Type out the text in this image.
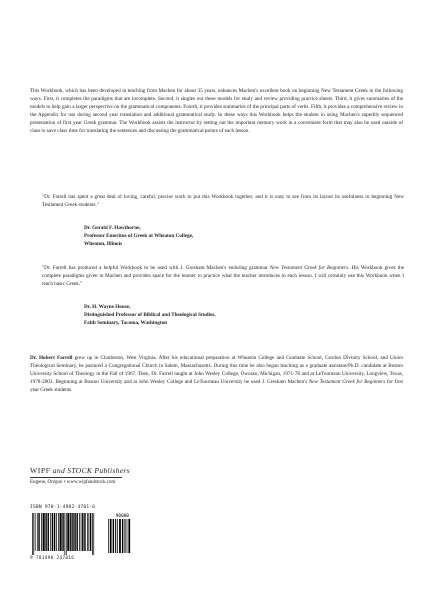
This Workbook, which has been developed in teaching from Machen for about 35 years, enhances Machen's excellent book on beginning New Testament Greek in the following ways. First, it completes the paradigms that are incomplete. Second, it singles out these models for study and review providing practice sheets. Third, it gives summaries of the models to help gain a larger perspective on the grammatical components. Fourth, it provides summaries of the principal parts of verbs. Fifth, it provides a comprehensive review in the Appendix for use during second year translation and additional grammatical study. In these ways this Workbook helps the student in using Machen's superbly sequenced presentation of first year Greek grammar. The Workbook assists the instructor by setting out the important memory work in a convenient form that may also be used outside of class to save class time for translating the sentences and discussing the grammatical points of each lesson.

"Dr. Farrell has spent a great deal of loving, careful, precise work to put this Workbook together, and it is easy to see from its layout its usefulness to beginning New Testament Greek students."

Dr. Gerald F. Hawthorne,
Professor Emeritus of Greek at Wheaton College,
Wheaton, Illinois

"Dr. Farrell has produced a helpful Workbook to be used with J. Gresham Machen's enduring grammar New Testament Greek for Beginners. His Workbook gives the complete paradigms given in Machen and provides space for the learner to practice what the teacher introduces in each lesson. I will certainly use this Workbook when I teach basic Greek."

Dr. H. Wayne House,
Distinguished Professor of Biblical and Theological Studies,
Faith Seminary, Tacoma, Washington

Dr. Hobert Farrell grew up in Charleston, West Virginia. After his educational preparation at Wheaton College and Graduate School, Gordon Divinity School, and Union Theological Seminary, he pastured a Congregational Church in Salem, Massachusetts. During this time he also began teaching as a graduate assistant/Ph.D. candidate at Boston University School of Theology in the Fall of 1967. Then, Dr. Farrell taught at John Wesley College, Owosso, Michigan, 1971-78 and at LeTourneau University, Longview, Texas, 1978-2003. Beginning at Boston University and at John Wesley College and LeTourneau University he used J. Gresham Machen's New Testament Greek for Beginners for first year Greek students.

WIPF and STOCK Publishers
Eugene, Oregon • www.wipfandstock.com
ISBN 978-1-4982-4701-6
90000
9 781498 247016
